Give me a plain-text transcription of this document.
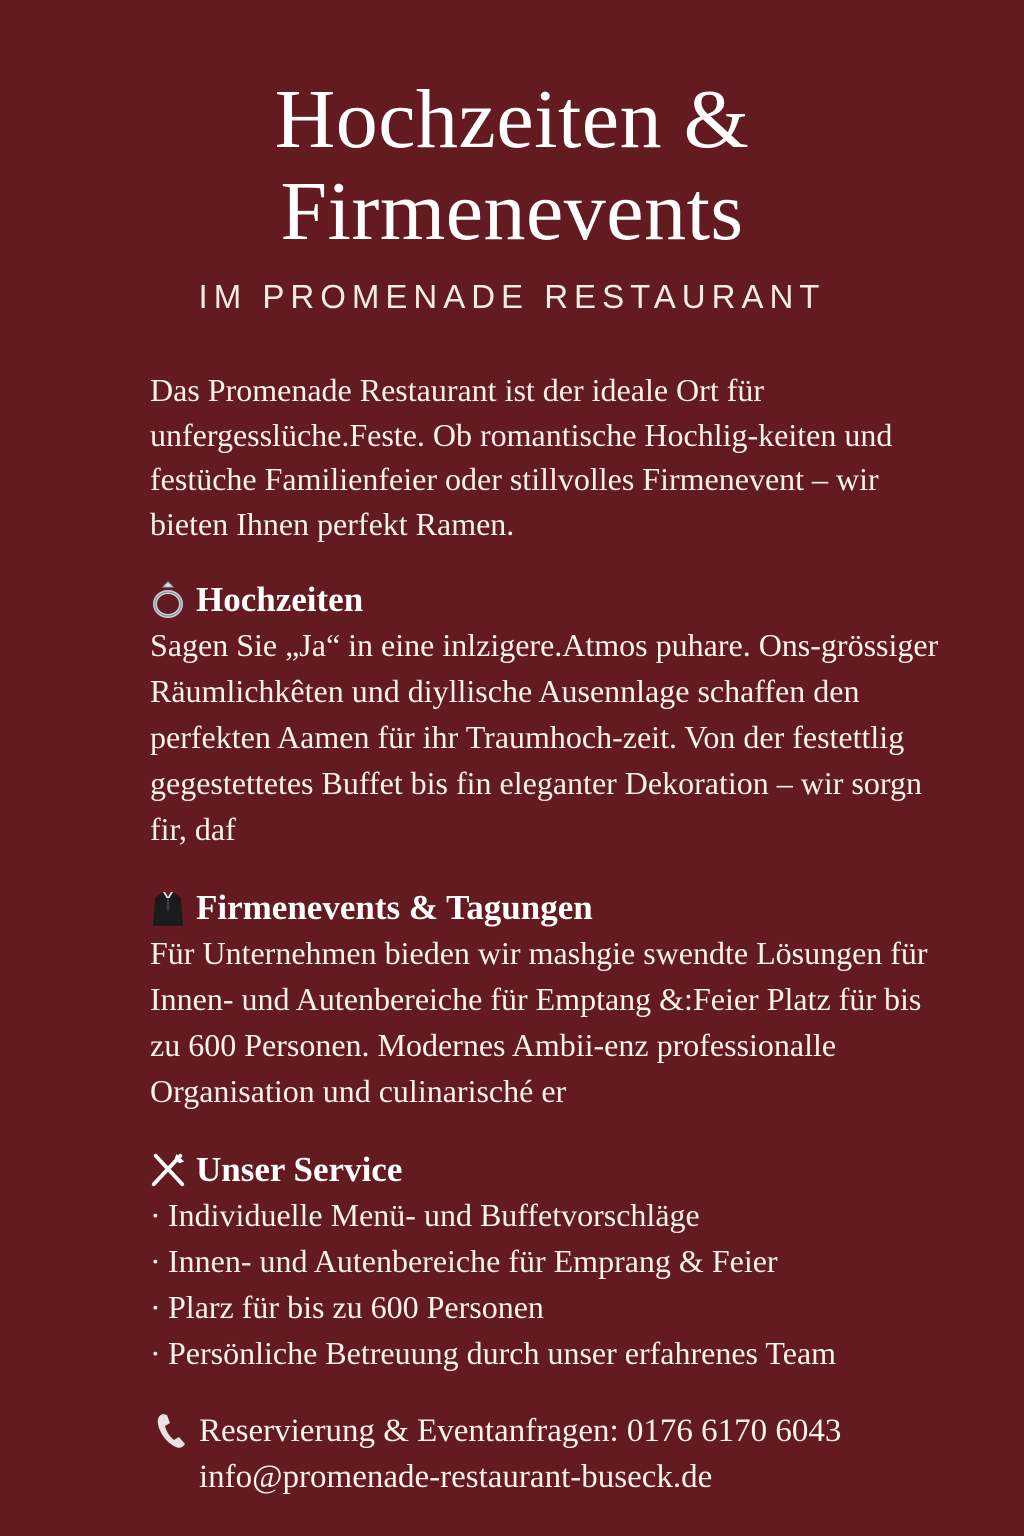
Hochzeiten &
Firmenevents
IM PROMENADE RESTAURANT

Das Promenade Restaurant ist der ideale Ort für unfergesslüche.Feste. Ob romantische Hochlig-keiten und festüche Familienfeier oder stillvolles Firmenevent – wir bieten Ihnen perfekt Ramen.

Hochzeiten

Sagen Sie „Ja“ in eine inlzigere.Atmos puhare. Ons-grössiger Räumlichkêten und diyllische Ausennlage schaffen den perfekten Aamen für ihr Traumhoch-zeit. Von der festettlig gegestettetes Buffet bis fin eleganter Dekoration – wir sorgn fir, daf

Firmenevents & Tagungen

Für Unternehmen bieden wir mashgie swendte Lösungen für Innen- und Autenbereiche für Emptang &:Feier Platz für bis zu 600 Personen. Modernes Ambii-enz professionalle Organisation und culinarisché er

Unser Service
· Individuelle Menü- und Buffetvorschläge
· Innen- und Autenbereiche für Emprang & Feier
· Plarz für bis zu 600 Personen
· Persönliche Betreuung durch unser erfahrenes Team
Reservierung & Eventanfragen: 0176 6170 6043
info@promenade-restaurant-buseck.de
